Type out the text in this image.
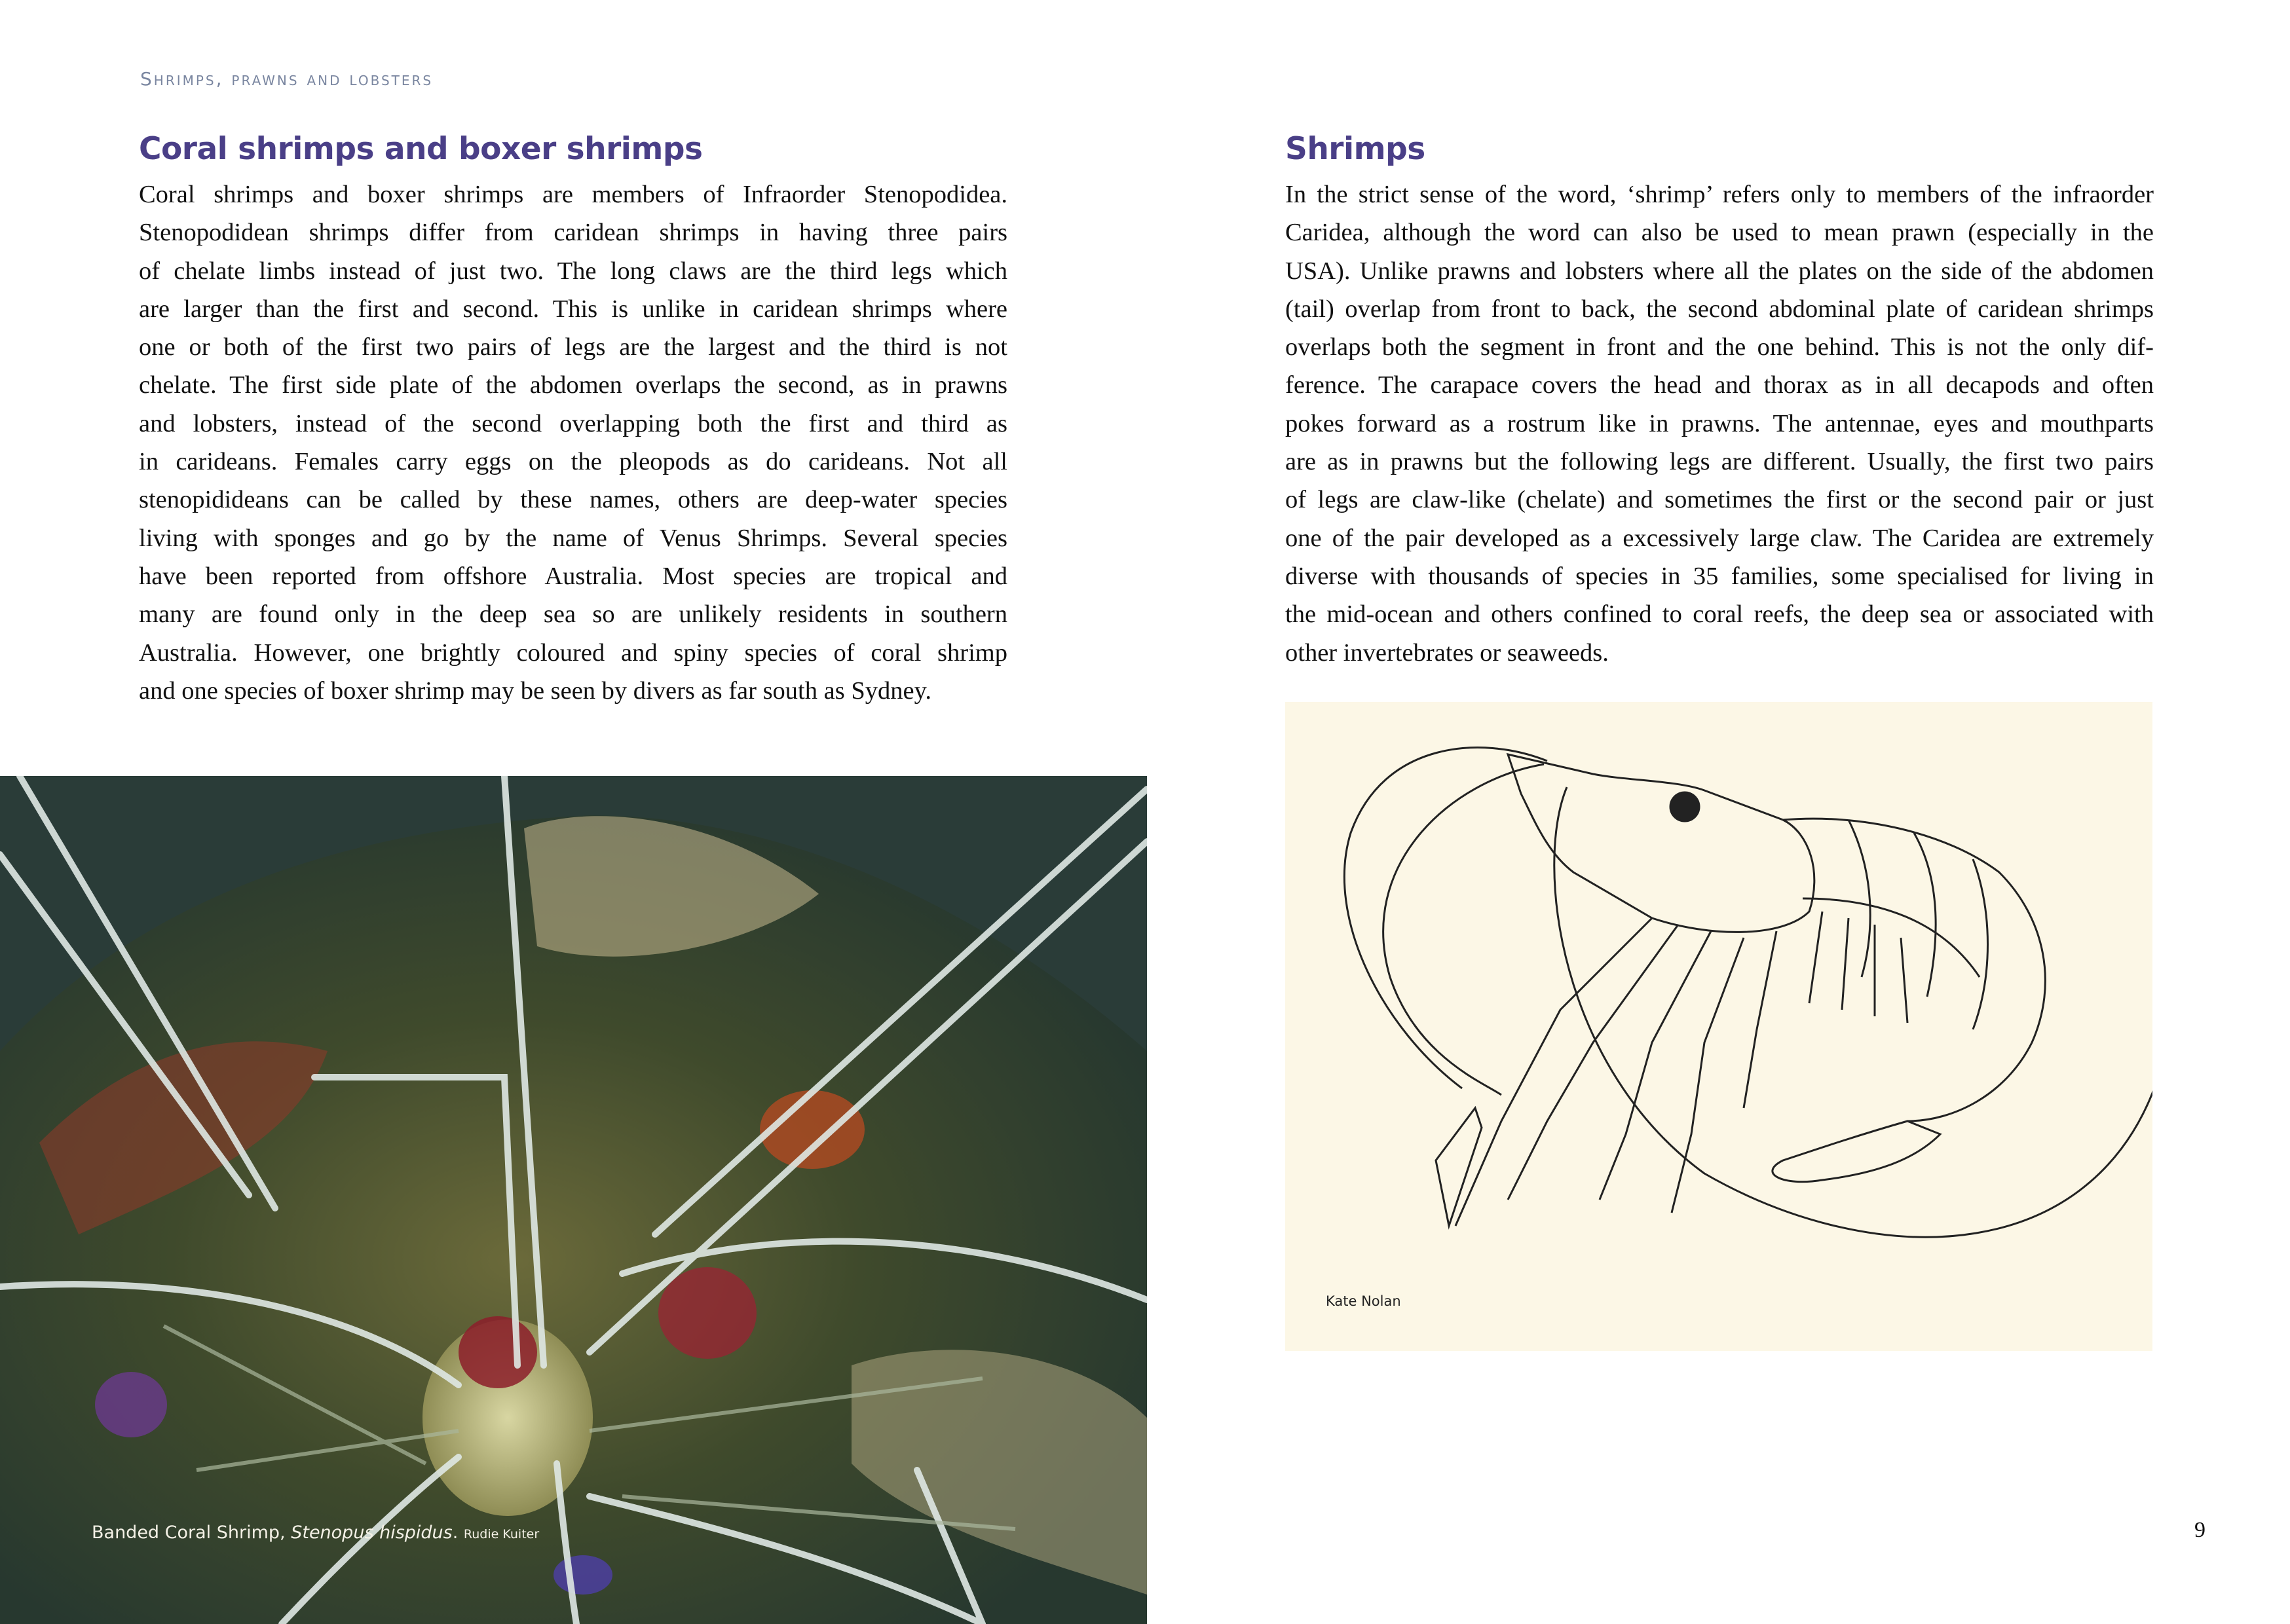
Shrimps, prawns and lobsters
Coral shrimps and boxer shrimps
Coral shrimps and boxer shrimps are members of Infraorder Stenopodidea.
Stenopodidean shrimps differ from caridean shrimps in having three pairs
of chelate limbs instead of just two. The long claws are the third legs which
are larger than the first and second. This is unlike in caridean shrimps where
one or both of the first two pairs of legs are the largest and the third is not
chelate. The first side plate of the abdomen overlaps the second, as in prawns
and lobsters, instead of the second overlapping both the first and third as
in carideans. Females carry eggs on the pleopods as do carideans. Not all
stenopidideans can be called by these names, others are deep-water species
living with sponges and go by the name of Venus Shrimps. Several species
have been reported from offshore Australia. Most species are tropical and
many are found only in the deep sea so are unlikely residents in southern
Australia. However, one brightly coloured and spiny species of coral shrimp
and one species of boxer shrimp may be seen by divers as far south as Sydney.
Shrimps
In the strict sense of the word, ‘shrimp’ refers only to members of the infraorder
Caridea, although the word can also be used to mean prawn (especially in the
USA). Unlike prawns and lobsters where all the plates on the side of the abdomen
(tail) overlap from front to back, the second abdominal plate of caridean shrimps
overlaps both the segment in front and the one behind. This is not the only dif-
ference. The carapace covers the head and thorax as in all decapods and often
pokes forward as a rostrum like in prawns. The antennae, eyes and mouthparts
are as in prawns but the following legs are different. Usually, the first two pairs
of legs are claw-like (chelate) and sometimes the first or the second pair or just
one of the pair developed as a excessively large claw. The Caridea are extremely
diverse with thousands of species in 35 families, some specialised for living in
the mid-ocean and others confined to coral reefs, the deep sea or associated with
other invertebrates or seaweeds.
Banded Coral Shrimp, Stenopus hispidus. Rudie Kuiter
Kate Nolan
9
